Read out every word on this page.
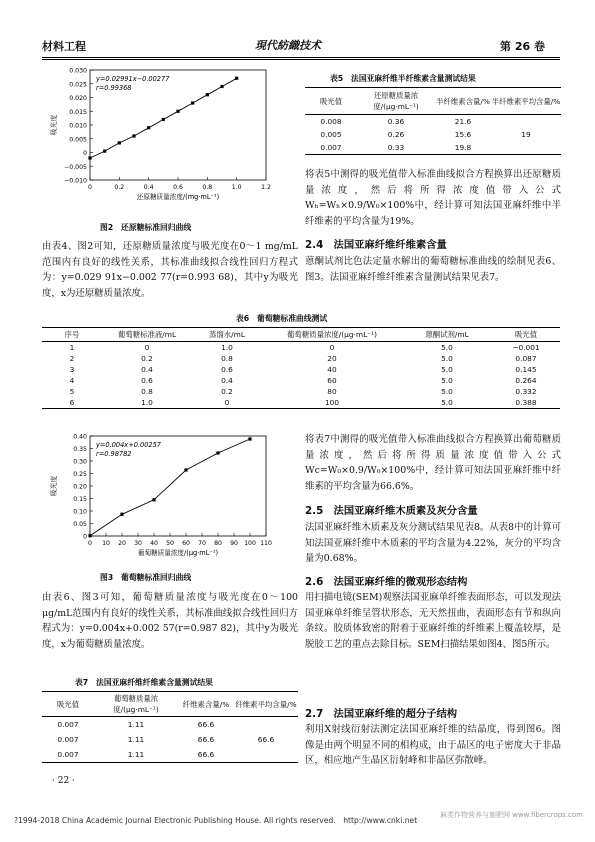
材料工程	現代紡織技术	第 26 卷
0.030
0.025
0.020
0.015
0.010
0.005
0
−0.005
−0.010
0	0.2	0.4	0.6	0.8	1.0	1.2
y=0.02991x−0.00277
r=0.99368
吸光度
还原糖质量浓度/(mg·mL⁻¹)
图2　还原糖标准回归曲线
由表4、图2可知，还原糖质量浓度与吸光度在0～1 mg/mL范围内有良好的线性关系，其标准曲线拟合线性回归方程式为：y=0.029 91x−0.002 77(r=0.993 68)，其中y为吸光度，x为还原糖质量浓度。
表5　法国亚麻纤维半纤维素含量测试结果
吸光值	还原糖质量浓度/(μg·mL⁻¹)	半纤维素含量/%	半纤维素平均含量/%
0.008	0.36	21.6	19
0.005	0.26	15.6	
0.007	0.33	19.8	
将表5中测得的吸光值带入标准曲线拟合方程换算出还原糖质量浓度，然后将所得浓度值带入公式Wₕ=Wₕ×0.9/W₀×100%中，经计算可知法国亚麻纤维中半纤维素的平均含量为19%。
2.4　法国亚麻纤维纤维素含量
蒽酮试剂比色法定量水解出的葡萄糖标准曲线的绘制见表6、图3。法国亚麻纤维纤维素含量测试结果见表7。
表6　葡萄糖标准曲线测试
序号	葡萄糖标准液/mL	蒸馏水/mL	葡萄糖质量浓度/(μg·mL⁻¹)	蒽酮试剂/mL	吸光值
1	0	1.0	0	5.0	−0.001
2	0.2	0.8	20	5.0	0.087
3	0.4	0.6	40	5.0	0.145
4	0.6	0.4	60	5.0	0.264
5	0.8	0.2	80	5.0	0.332
6	1.0	0	100	5.0	0.388
0.40
0.35
0.30
0.25
0.20
0.15
0.10
0.05
0
0 10 20 30 40 50 60 70 80 90 100 110
y=0.004x+0.00257
r=0.98782
吸光度
葡萄糖质量浓度/(μg·mL⁻¹)
图3　葡萄糖标准回归曲线
由表6、图3可知，葡萄糖质量浓度与吸光度在0～100 μg/mL范围内有良好的线性关系，其标准曲线拟合线性回归方程式为：y=0.004x+0.002 57(r=0.987 82)，其中y为吸光度，x为葡萄糖质量浓度。
表7　法国亚麻纤维纤维素含量测试结果
吸光值	葡萄糖质量浓度/(μg·mL⁻¹)	纤维素含量/%	纤维素平均含量/%
0.007	1.11	66.6	66.6
0.007	1.11	66.6	
0.007	1.11	66.6	
将表7中测得的吸光值带入标准曲线拟合方程换算出葡萄糖质量浓度，然后将所得质量浓度值带入公式Wc=W₀×0.9/W₀×100%中，经计算可知法国亚麻纤维中纤维素的平均含量为66.6%。
2.5　法国亚麻纤维木质素及灰分含量
法国亚麻纤维木质素及灰分测试结果见表8。从表8中的计算可知法国亚麻纤维中木质素的平均含量为4.22%，灰分的平均含量为0.68%。
2.6　法国亚麻纤维的微观形态结构
用扫描电镜(SEM)观察法国亚麻单纤维表面形态，可以发现法国亚麻单纤维呈管状形态，无天然扭曲，表面形态有节和纵向条纹。胶质体致密的附着于亚麻纤维的纤维素上覆盖较厚，是脱胶工艺的重点去除目标。SEM扫描结果如图4、图5所示。
2.7　法国亚麻纤维的超分子结构
利用X射线衍射法测定法国亚麻纤维的结晶度，得到图6。图像是由两个明显不同的相构成，由于晶区的电子密度大于非晶区，相应地产生晶区衍射峰和非晶区弥散峰。
· 22 ·
?1994-2018 China Academic Journal Electronic Publishing House. All rights reserved.　http://www.cnki.net
麻类作物营养与施肥网 www.fibercrops.com
